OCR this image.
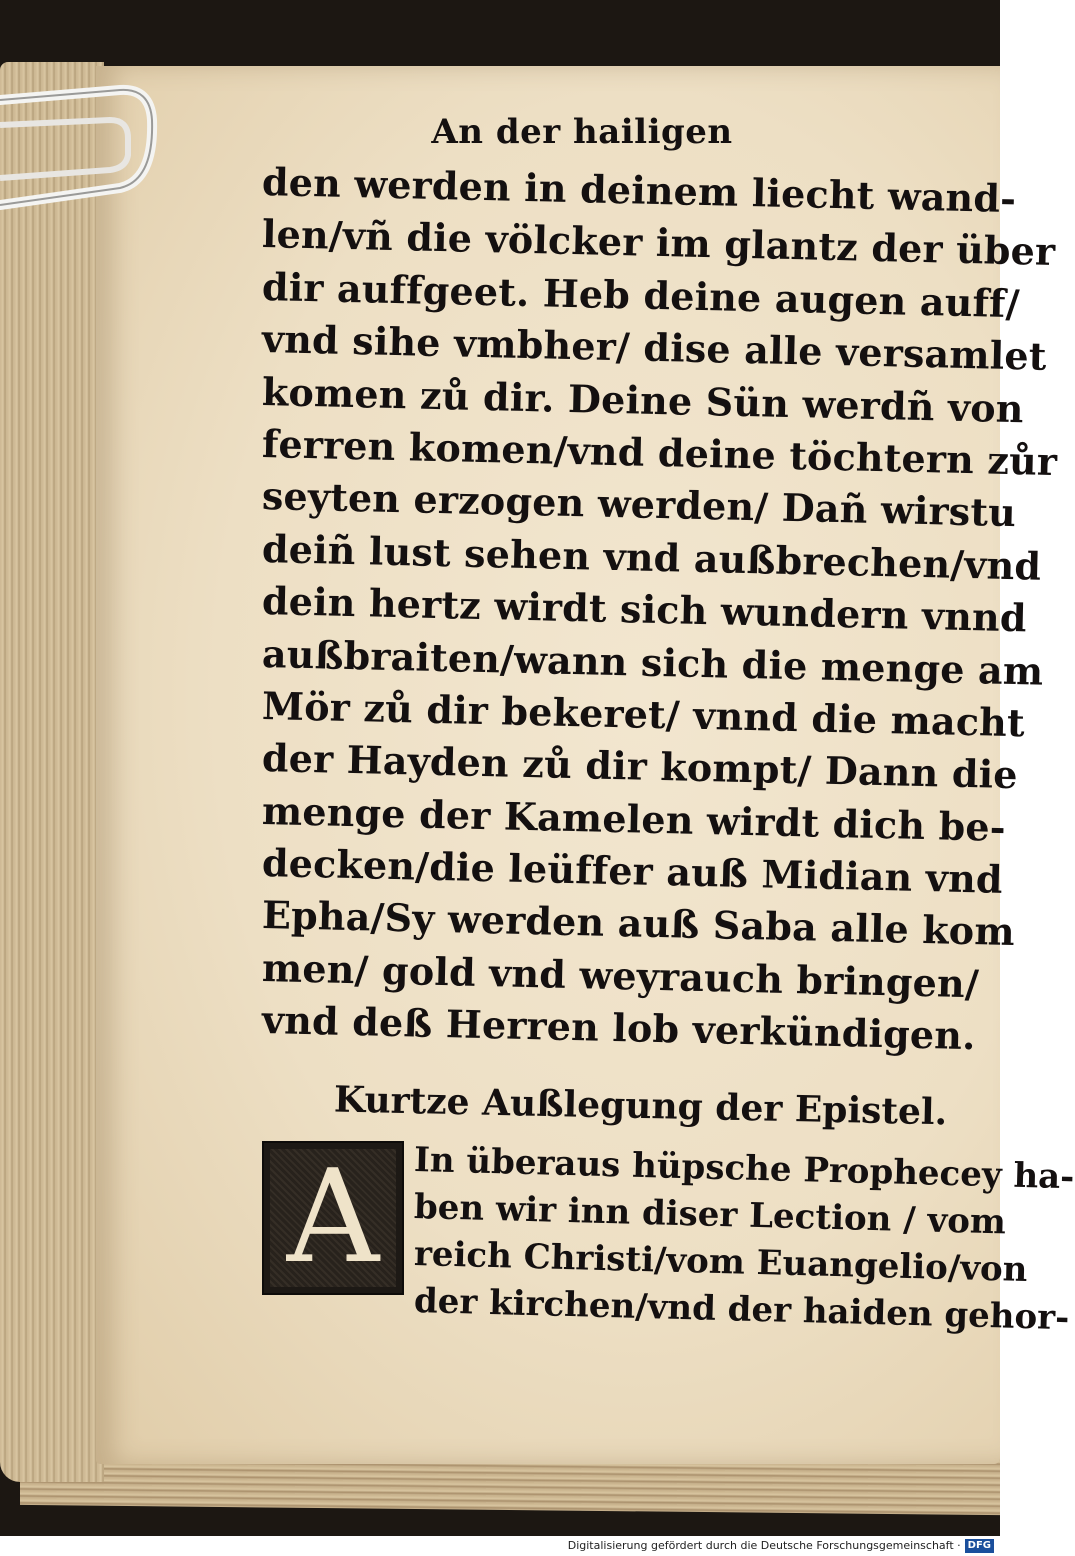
An der hailigen
den werden in deinem liecht wand-
len/vñ die völcker im glantz der über
dir auffgeet. Heb deine augen auff/
vnd sihe vmbher/ dise alle versamlet
komen zů dir. Deine Sün werdñ von
ferren komen/vnd deine töchtern zůr
seyten erzogen werden/ Dañ wirstu
deiñ lust sehen vnd außbrechen/vnd
dein hertz wirdt sich wundern vnnd
außbraiten/wann sich die menge am
Mör zů dir bekeret/ vnnd die macht
der Hayden zů dir kompt/ Dann die
menge der Kamelen wirdt dich be-
decken/die leüffer auß Midian vnd
Epha/Sy werden auß Saba alle kom
men/ gold vnd weyrauch bringen/
vnd deß Herren lob verkündigen.
Kurtze Außlegung der Epistel.
A In überaus hüpsche Prophecey ha-
ben wir inn diser Lection / vom
reich Christi/vom Euangelio/von
der kirchen/vnd der haiden gehor-
Digitalisierung gefördert durch die Deutsche Forschungsgemeinschaft · DFG
